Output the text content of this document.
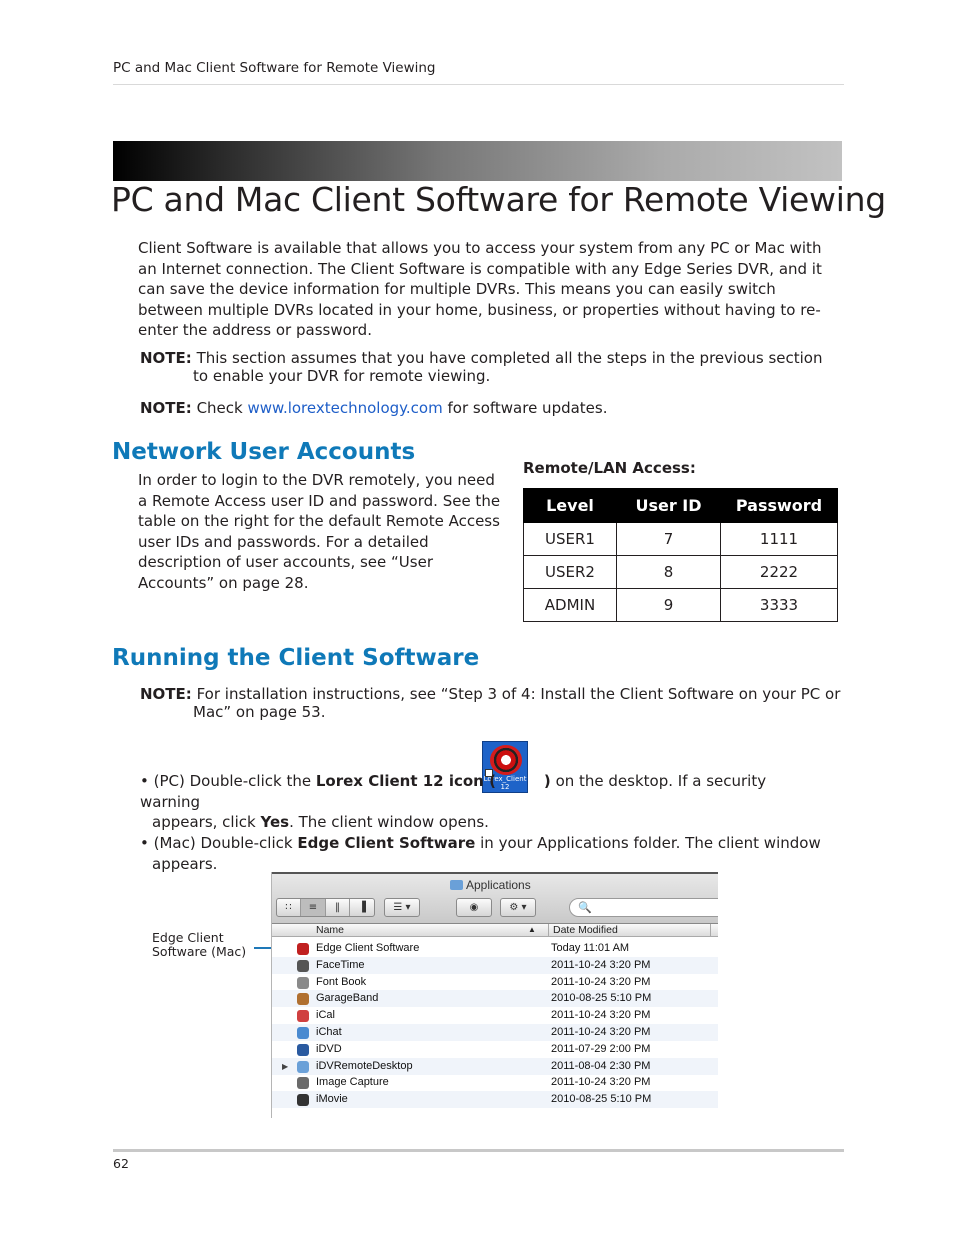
PC and Mac Client Software for Remote Viewing
PC and Mac Client Software for Remote Viewing

Client Software is available that allows you to access your system from any PC or Mac with an Internet connection. The Client Software is compatible with any Edge Series DVR, and it can save the device information for multiple DVRs. This means you can easily switch between multiple DVRs located in your home, business, or properties without having to re-enter the address or password.

NOTE: This section assumes that you have completed all the steps in the previous section
to enable your DVR for remote viewing.
NOTE: Check www.lorextechnology.com for software updates.
Network User Accounts

In order to login to the DVR remotely, you need a Remote Access user ID and password. See the table on the right for the default Remote Access user IDs and passwords. For a detailed description of user accounts, see “User Accounts” on page 28.

Remote/LAN Access:
Level	User ID	Password
USER1	7	1111
USER2	8	2222
ADMIN	9	3333
Running the Client Software
NOTE: For installation instructions, see “Step 3 of 4: Install the Client Software on your PC or
Mac” on page 53.
Lorex_Client 12
• (PC) Double-click the Lorex Client 12 icon (	) on the desktop. If a security warning
appears, click Yes. The client window opens.
• (Mac) Double-click Edge Client Software in your Applications folder. The client window
appears.
Edge Client
Software (Mac)
Applications
∷	≡	‖	▐	☰ ▾	◉	⚙ ▾	🔍
Name	▲	Date Modified
Edge Client Software	Today 11:01 AM
FaceTime	2011-10-24 3:20 PM
Font Book	2011-10-24 3:20 PM
GarageBand	2010-08-25 5:10 PM
iCal	2011-10-24 3:20 PM
iChat	2011-10-24 3:20 PM
iDVD	2011-07-29 2:00 PM
▶	iDVRemoteDesktop	2011-08-04 2:30 PM
Image Capture	2011-10-24 3:20 PM
iMovie	2010-08-25 5:10 PM
62
